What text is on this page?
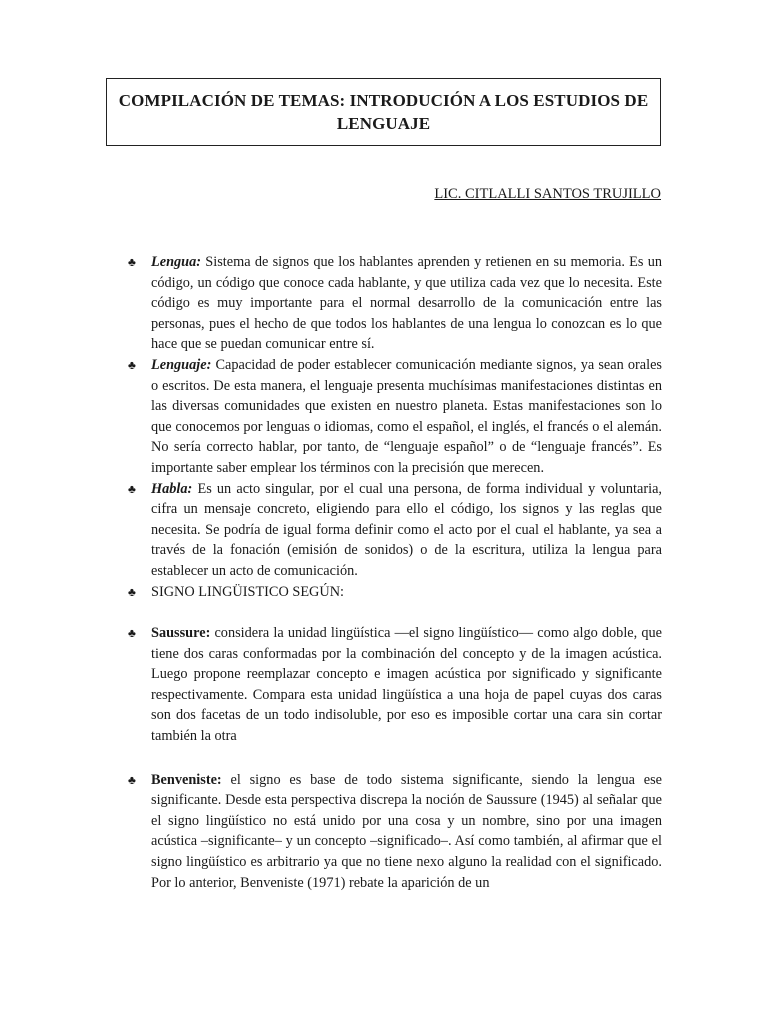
COMPILACIÓN DE TEMAS: INTRODUCIÓN A LOS ESTUDIOS DE LENGUAJE

LIC. CITLALLI SANTOS TRUJILLO

♣ Lengua: Sistema de signos que los hablantes aprenden y retienen en su memoria. Es un código, un código que conoce cada hablante, y que utiliza cada vez que lo necesita. Este código es muy importante para el normal desarrollo de la comunicación entre las personas, pues el hecho de que todos los hablantes de una lengua lo conozcan es lo que hace que se puedan comunicar entre sí.
♣ Lenguaje: Capacidad de poder establecer comunicación mediante signos, ya sean orales o escritos. De esta manera, el lenguaje presenta muchísimas manifestaciones distintas en las diversas comunidades que existen en nuestro planeta. Estas manifestaciones son lo que conocemos por lenguas o idiomas, como el español, el inglés, el francés o el alemán. No sería correcto hablar, por tanto, de “lenguaje español” o de “lenguaje francés”. Es importante saber emplear los términos con la precisión que merecen.
♣ Habla: Es un acto singular, por el cual una persona, de forma individual y voluntaria, cifra un mensaje concreto, eligiendo para ello el código, los signos y las reglas que necesita. Se podría de igual forma definir como el acto por el cual el hablante, ya sea a través de la fonación (emisión de sonidos) o de la escritura, utiliza la lengua para establecer un acto de comunicación.
♣ SIGNO LINGÜISTICO SEGÚN:
♣ Saussure: considera la unidad lingüística —el signo lingüístico— como algo doble, que tiene dos caras conformadas por la combinación del concepto y de la imagen acústica. Luego propone reemplazar concepto e imagen acústica por significado y significante respectivamente. Compara esta unidad lingüística a una hoja de papel cuyas dos caras son dos facetas de un todo indisoluble, por eso es imposible cortar una cara sin cortar también la otra
♣ Benveniste: el signo es base de todo sistema significante, siendo la lengua ese significante. Desde esta perspectiva discrepa la noción de Saussure (1945) al señalar que el signo lingüístico no está unido por una cosa y un nombre, sino por una imagen acústica –significante– y un concepto –significado–. Así como también, al afirmar que el signo lingüístico es arbitrario ya que no tiene nexo alguno la realidad con el significado. Por lo anterior, Benveniste (1971) rebate la aparición de un
